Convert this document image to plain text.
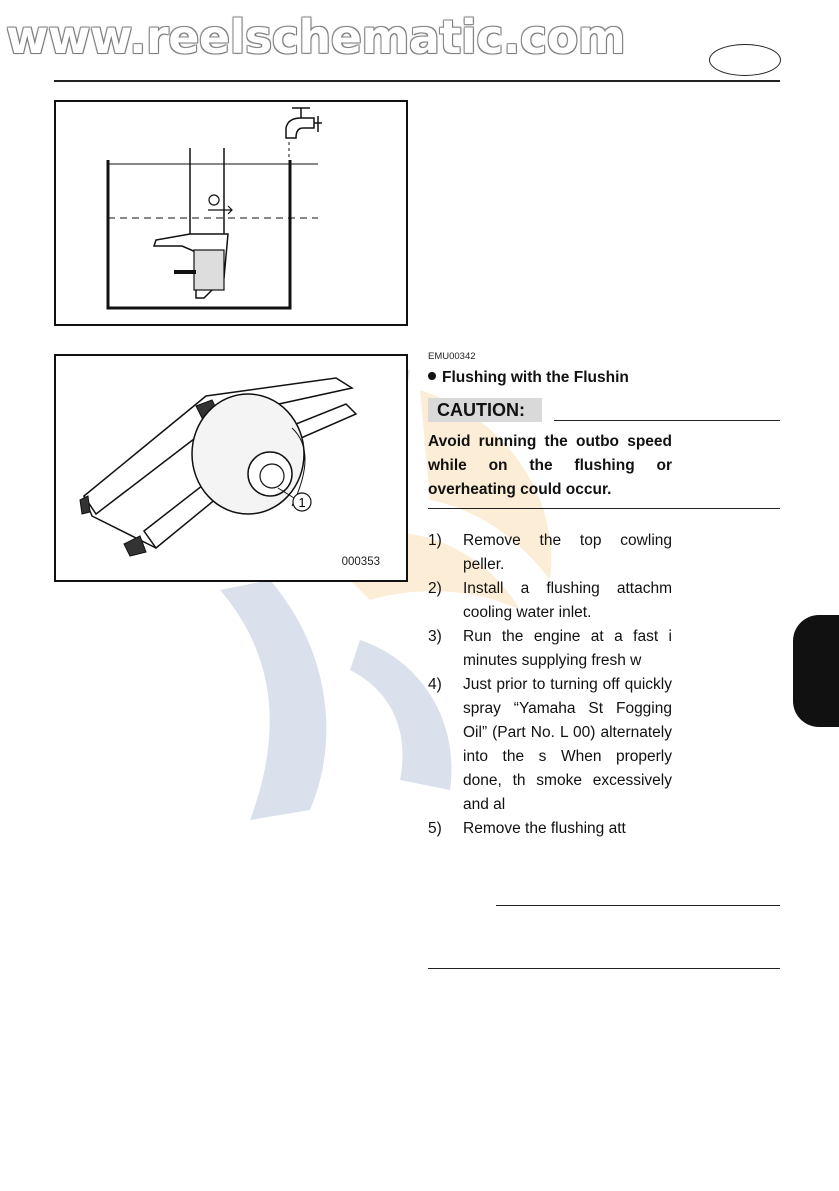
www.reelschematic.com
1
000353
EMU00342
Flushing with the Flushin
CAUTION:
Avoid running the outbo speed while on the flushing or overheating could occur.
1)	Remove the top cowling peller.
2)	Install a flushing attachm cooling water inlet.
3)	Run the engine at a fast i minutes supplying fresh w
4)	Just prior to turning off quickly spray “Yamaha St Fogging Oil” (Part No. L 00) alternately into the s When properly done, th smoke excessively and al
5)	Remove the flushing att
